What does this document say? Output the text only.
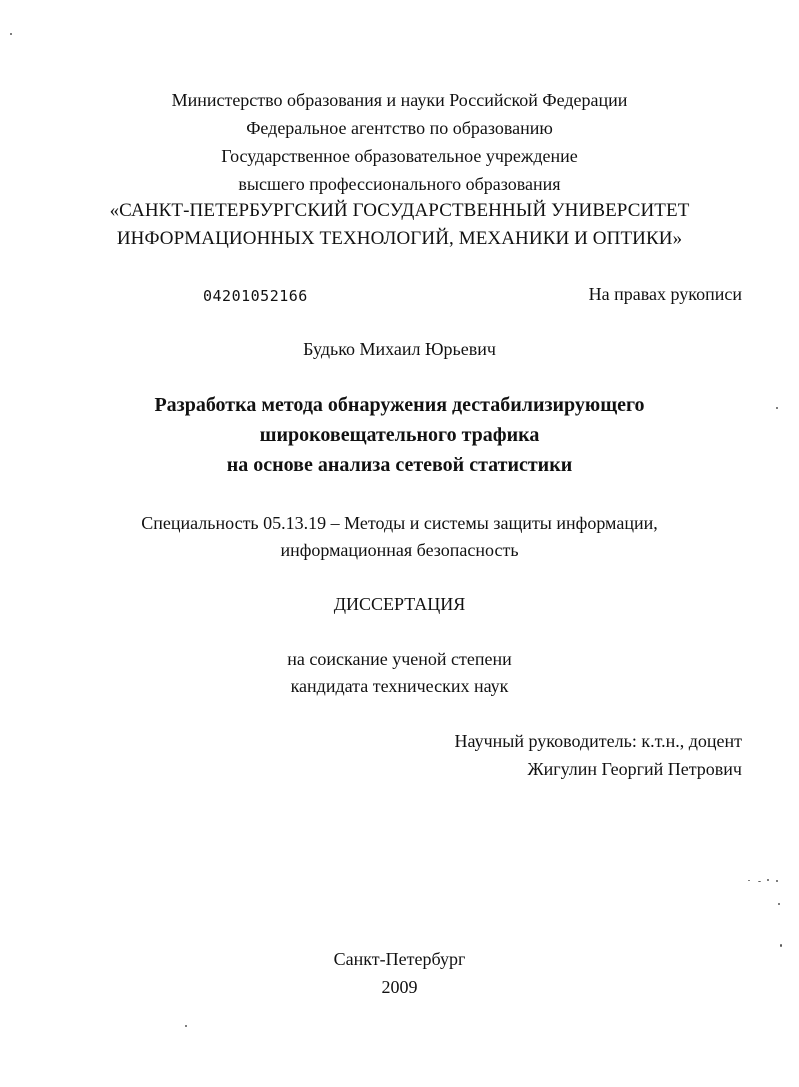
Министерство образования и науки Российской Федерации
Федеральное агентство по образованию
Государственное образовательное учреждение
высшего профессионального образования
«САНКТ-ПЕТЕРБУРГСКИЙ ГОСУДАРСТВЕННЫЙ УНИВЕРСИТЕТ
ИНФОРМАЦИОННЫХ ТЕХНОЛОГИЙ, МЕХАНИКИ И ОПТИКИ»
04201052166	На правах рукописи
Будько Михаил Юрьевич
Разработка метода обнаружения дестабилизирующего
широковещательного трафика
на основе анализа сетевой статистики
Специальность 05.13.19 – Методы и системы защиты информации,
информационная безопасность
ДИССЕРТАЦИЯ
на соискание ученой степени
кандидата технических наук
Научный руководитель: к.т.н., доцент
Жигулин Георгий Петрович
Санкт-Петербург
2009
